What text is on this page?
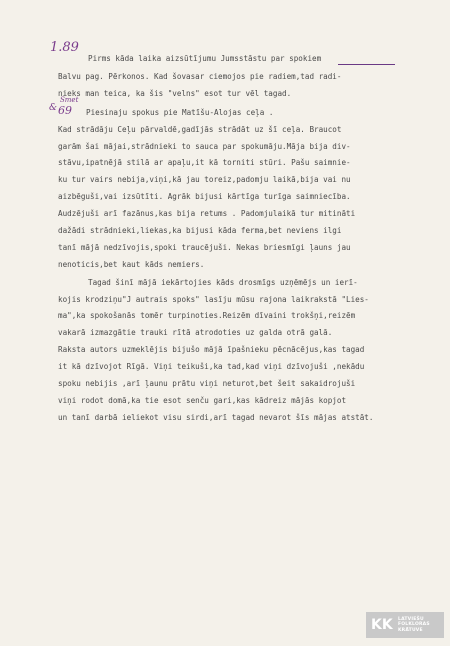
1.89
Smet
69
&
Pirms kāda laika aizsūtījumu Jumsstāstu par spokiem
Balvu pag. Pērkonos. Kad šovasar ciemojos pie radiem,tad radi-
nieks man teica, ka šis "velns" esot tur vēl tagad.
Piesinaju spokus pie Matīšu-Alojas ceļa .
Kad strādāju Ceļu pārvaldē,gadījās strādāt uz šī ceļa. Braucot
garām šai mājai,strādnieki to sauca par spokumāju.Māja bija div-
stāvu,ipatnējā stilā ar apaļu,it kā torniti stūri. Pašu saimnie-
ku tur vairs nebija,viņi,kā jau toreiz,padomju laikā,bija vai nu
aizbēguši,vai izsūtīti. Agrāk bijusi kārtīga turīga saimniecība.
Audzējuši arī fazānus,kas bija retums . Padomjulaikā tur mitināti
dažādi strādnieki,liekas,ka bijusi kāda ferma,bet neviens ilgi
tanī mājā nedzīvojis,spoki traucējuši. Nekas briesmīgi ļauns jau
nenoticis,bet kaut kāds nemiers.
Tagad šinī mājā iekārtojies kāds drosmīgs uzņēmējs un ierī-
kojis krodziņu"J autrais spoks" lasīju mūsu rajona laikrakstā "Lies-
ma",ka spokošanās tomēr turpinoties.Reizēm dīvaini trokšņi,reizēm
vakarā izmazgātie trauki rītā atrodoties uz galda otrā galā.
Raksta autors uzmeklējis bijušo mājā īpašnieku pēcnācējus,kas tagad
it kā dzīvojot Rīgā. Viņi teikuši,ka tad,kad viņi dzīvojuši ,nekādu
spoku nebijis ,arī ļaunu prātu viņi neturot,bet šeit sakaidrojuši
viņi rodot domā,ka tie esot senču gari,kas kādreiz mājās kopjot
un tanī darbā ieliekot visu sirdi,arī tagad nevarot šīs mājas atstāt.
KK LATVIEŠU
FOLKLORAS
KRĀTUVE
